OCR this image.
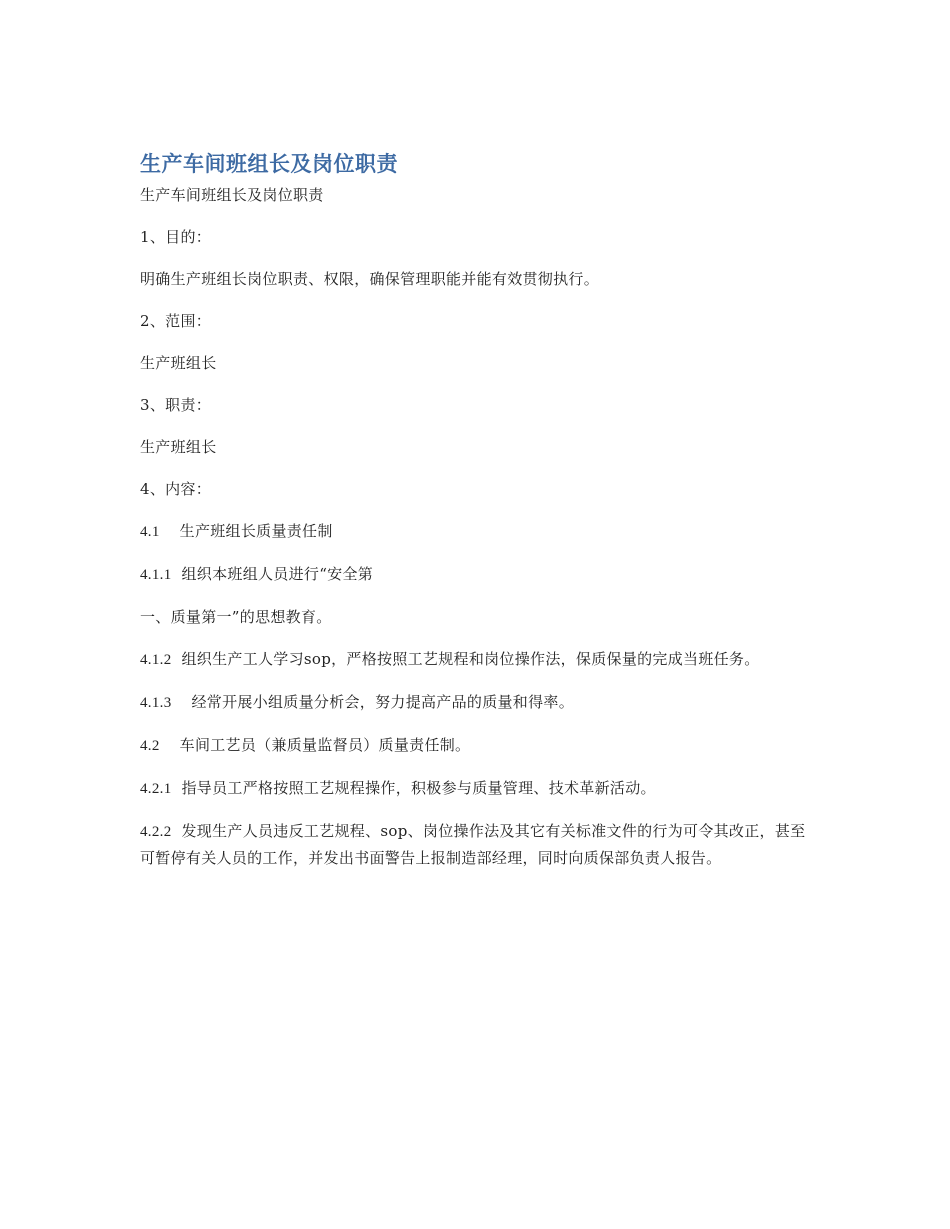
生产车间班组长及岗位职责

生产车间班组长及岗位职责

1、目的：

明确生产班组长岗位职责、权限，确保管理职能并能有效贯彻执行。

2、范围：

生产班组长

3、职责：

生产班组长

4、内容：

4.1 生产班组长质量责任制

4.1.1 组织本班组人员进行“安全第

一、质量第一”的思想教育。

4.1.2 组织生产工人学习sop，严格按照工艺规程和岗位操作法，保质保量的完成当班任务。

4.1.3 经常开展小组质量分析会，努力提高产品的质量和得率。

4.2 车间工艺员（兼质量监督员）质量责任制。

4.2.1 指导员工严格按照工艺规程操作，积极参与质量管理、技术革新活动。

4.2.2 发现生产人员违反工艺规程、sop、岗位操作法及其它有关标准文件的行为可令其改正，甚至可暂停有关人员的工作，并发出书面警告上报制造部经理，同时向质保部负责人报告。
